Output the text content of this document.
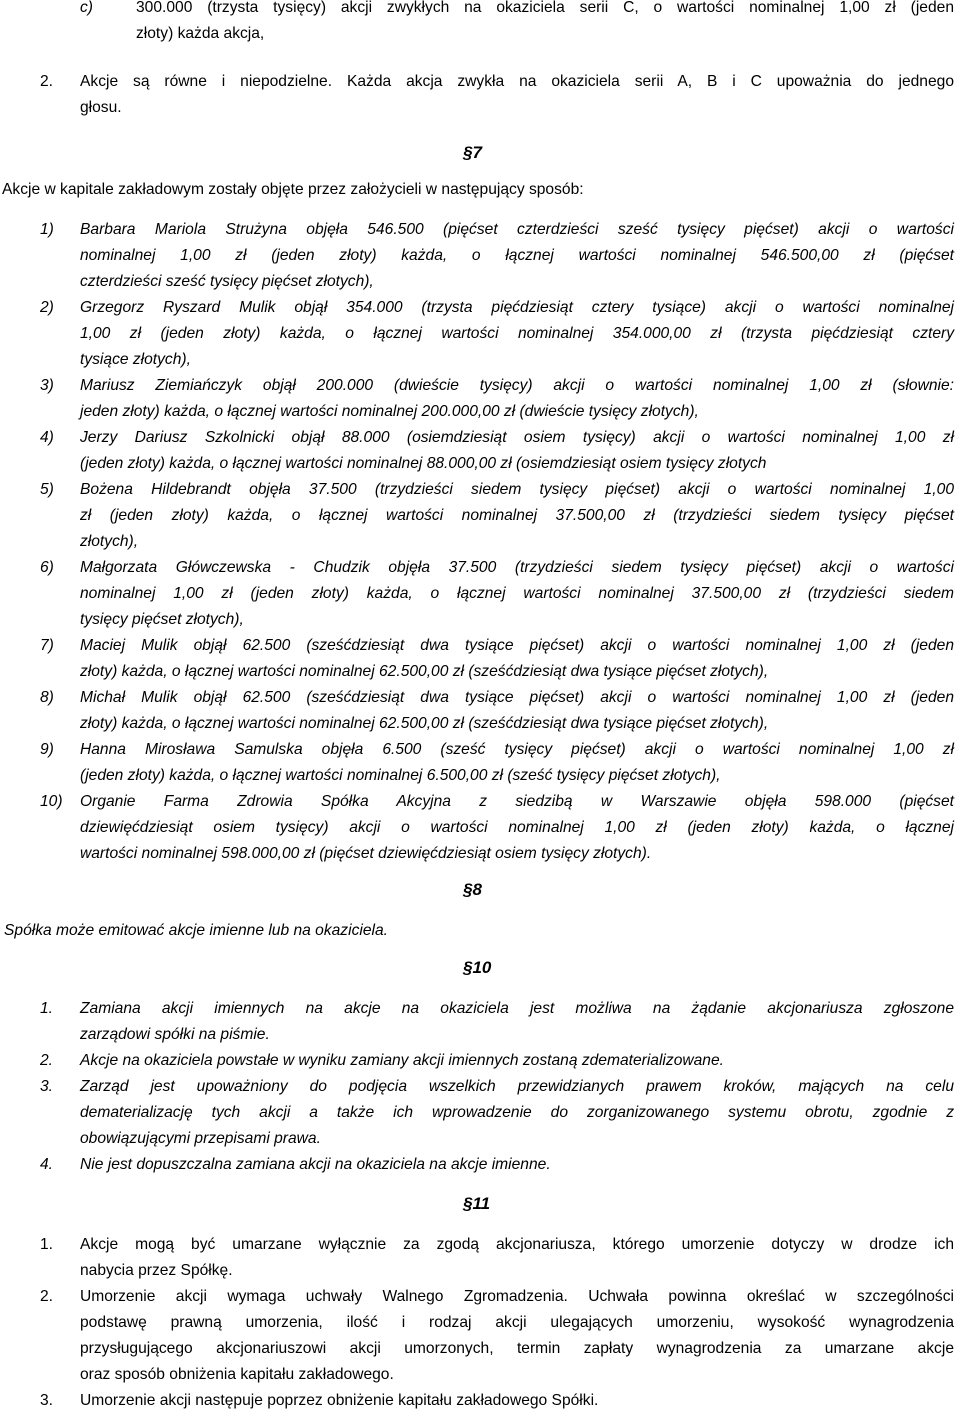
c)	300.000 (trzysta tysięcy) akcji zwykłych na okaziciela serii C, o wartości nominalnej 1,00 zł (jeden
złoty) każda akcja,
2. Akcje są równe i niepodzielne. Każda akcja zwykła na okaziciela serii A, B i C upoważnia do jednego
głosu.
§7
Akcje w kapitale zakładowym zostały objęte przez założycieli w następujący sposób:
1) Barbara Mariola Strużyna objęła 546.500 (pięćset czterdzieści sześć tysięcy pięćset) akcji o wartości
nominalnej 1,00 zł (jeden złoty) każda, o łącznej wartości nominalnej 546.500,00 zł (pięćset
czterdzieści sześć tysięcy pięćset złotych),
2) Grzegorz Ryszard Mulik objął 354.000 (trzysta pięćdziesiąt cztery tysiące) akcji o wartości nominalnej
1,00 zł (jeden złoty) każda, o łącznej wartości nominalnej 354.000,00 zł (trzysta pięćdziesiąt cztery
tysiące złotych),
3) Mariusz Ziemiańczyk objął 200.000 (dwieście tysięcy) akcji o wartości nominalnej 1,00 zł (słownie:
jeden złoty) każda, o łącznej wartości nominalnej 200.000,00 zł (dwieście tysięcy złotych),
4) Jerzy Dariusz Szkolnicki objął 88.000 (osiemdziesiąt osiem tysięcy) akcji o wartości nominalnej 1,00 zł
(jeden złoty) każda, o łącznej wartości nominalnej 88.000,00 zł (osiemdziesiąt osiem tysięcy złotych
5) Bożena Hildebrandt objęła 37.500 (trzydzieści siedem tysięcy pięćset) akcji o wartości nominalnej 1,00
zł (jeden złoty) każda, o łącznej wartości nominalnej 37.500,00 zł (trzydzieści siedem tysięcy pięćset
złotych),
6) Małgorzata Główczewska - Chudzik objęła 37.500 (trzydzieści siedem tysięcy pięćset) akcji o wartości
nominalnej 1,00 zł (jeden złoty) każda, o łącznej wartości nominalnej 37.500,00 zł (trzydzieści siedem
tysięcy pięćset złotych),
7) Maciej Mulik objął 62.500 (sześćdziesiąt dwa tysiące pięćset) akcji o wartości nominalnej 1,00 zł (jeden
złoty) każda, o łącznej wartości nominalnej 62.500,00 zł (sześćdziesiąt dwa tysiące pięćset złotych),
8) Michał Mulik objął 62.500 (sześćdziesiąt dwa tysiące pięćset) akcji o wartości nominalnej 1,00 zł (jeden
złoty) każda, o łącznej wartości nominalnej 62.500,00 zł (sześćdziesiąt dwa tysiące pięćset złotych),
9) Hanna Mirosława Samulska objęła 6.500 (sześć tysięcy pięćset) akcji o wartości nominalnej 1,00 zł
(jeden złoty) każda, o łącznej wartości nominalnej 6.500,00 zł (sześć tysięcy pięćset złotych),
10) Organie Farma Zdrowia Spółka Akcyjna z siedzibą w Warszawie objęła 598.000 (pięćset
dziewięćdziesiąt osiem tysięcy) akcji o wartości nominalnej 1,00 zł (jeden złoty) każda, o łącznej
wartości nominalnej 598.000,00 zł (pięćset dziewięćdziesiąt osiem tysięcy złotych).
§8
Spółka może emitować akcje imienne lub na okaziciela.
§10
1. Zamiana akcji imiennych na akcje na okaziciela jest możliwa na żądanie akcjonariusza zgłoszone
zarządowi spółki na piśmie.
2. Akcje na okaziciela powstałe w wyniku zamiany akcji imiennych zostaną zdematerializowane.
3. Zarząd jest upoważniony do podjęcia wszelkich przewidzianych prawem kroków, mających na celu
dematerializację tych akcji a także ich wprowadzenie do zorganizowanego systemu obrotu, zgodnie z
obowiązującymi przepisami prawa.
4. Nie jest dopuszczalna zamiana akcji na okaziciela na akcje imienne.
§11
1. Akcje mogą być umarzane wyłącznie za zgodą akcjonariusza, którego umorzenie dotyczy w drodze ich
nabycia przez Spółkę.
2. Umorzenie akcji wymaga uchwały Walnego Zgromadzenia. Uchwała powinna określać w szczególności
podstawę prawną umorzenia, ilość i rodzaj akcji ulegających umorzeniu, wysokość wynagrodzenia
przysługującego akcjonariuszowi akcji umorzonych, termin zapłaty wynagrodzenia za umarzane akcje
oraz sposób obniżenia kapitału zakładowego.
3. Umorzenie akcji następuje poprzez obniżenie kapitału zakładowego Spółki.
